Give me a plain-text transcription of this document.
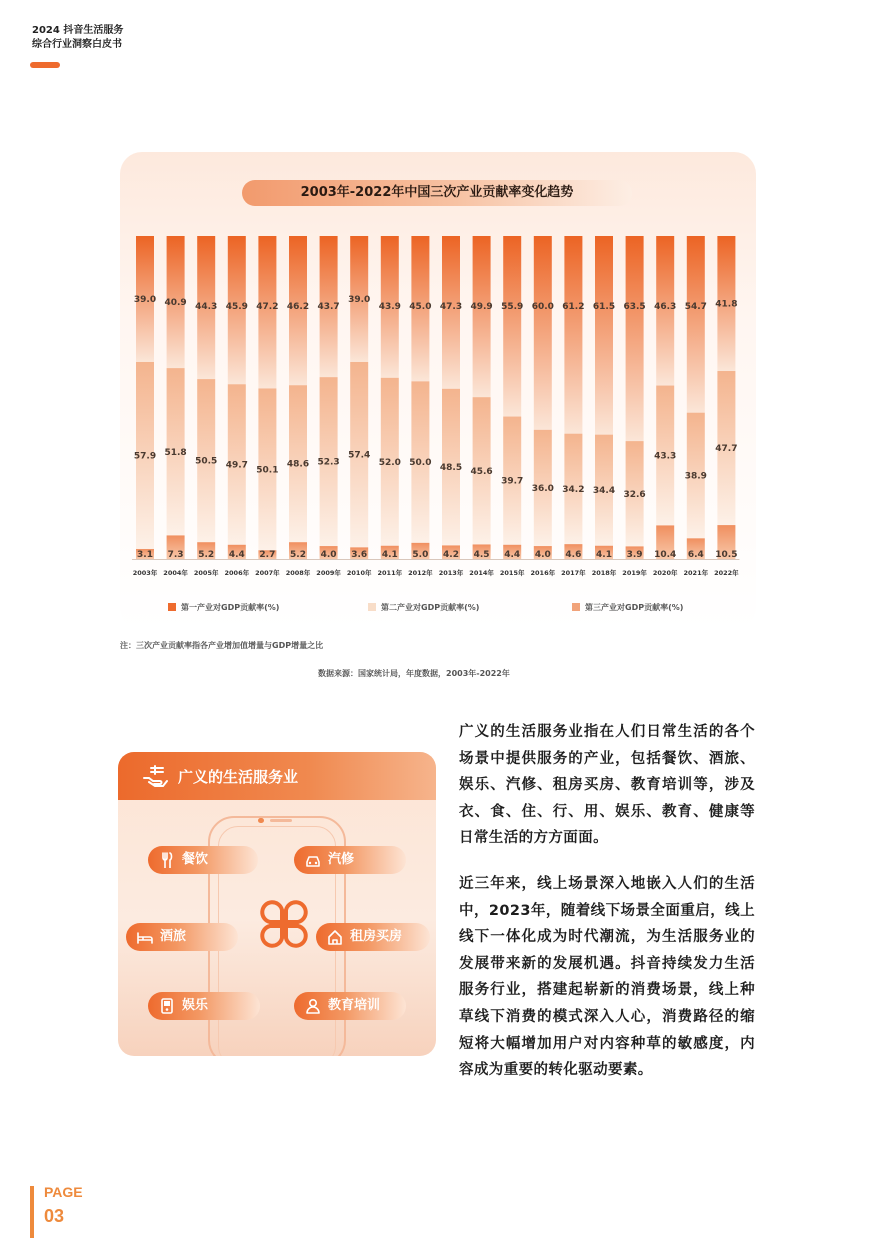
2024 抖音生活服务
综合行业洞察白皮书
2003年-2022年中国三次产业贡献率变化趋势
39.0
57.9
3.1
2003年
40.9
51.8
7.3
2004年
44.3
50.5
5.2
2005年
45.9
49.7
4.4
2006年
47.2
50.1
2.7
2007年
46.2
48.6
5.2
2008年
43.7
52.3
4.0
2009年
39.0
57.4
3.6
2010年
43.9
52.0
4.1
2011年
45.0
50.0
5.0
2012年
47.3
48.5
4.2
2013年
49.9
45.6
4.5
2014年
55.9
39.7
4.4
2015年
60.0
36.0
4.0
2016年
61.2
34.2
4.6
2017年
61.5
34.4
4.1
2018年
63.5
32.6
3.9
2019年
46.3
43.3
10.4
2020年
54.7
38.9
6.4
2021年
41.8
47.7
10.5
2022年
第一产业对GDP贡献率(%)	第二产业对GDP贡献率(%)	第三产业对GDP贡献率(%)
注：三次产业贡献率指各产业增加值增量与GDP增量之比
数据来源：国家统计局，年度数据，2003年-2022年
广义的生活服务业
餐饮	汽修
酒旅	租房买房
娱乐	教育培训
广义的生活服务业指在人们日常生活的各个场景中提供服务的产业，包括餐饮、酒旅、娱乐、汽修、租房买房、教育培训等，涉及衣、食、住、行、用、娱乐、教育、健康等日常生活的方方面面。
近三年来，线上场景深入地嵌入人们的生活中，2023年，随着线下场景全面重启，线上线下一体化成为时代潮流，为生活服务业的发展带来新的发展机遇。抖音持续发力生活服务行业，搭建起崭新的消费场景，线上种草线下消费的模式深入人心，消费路径的缩短将大幅增加用户对内容种草的敏感度，内容成为重要的转化驱动要素。
PAGE
03
